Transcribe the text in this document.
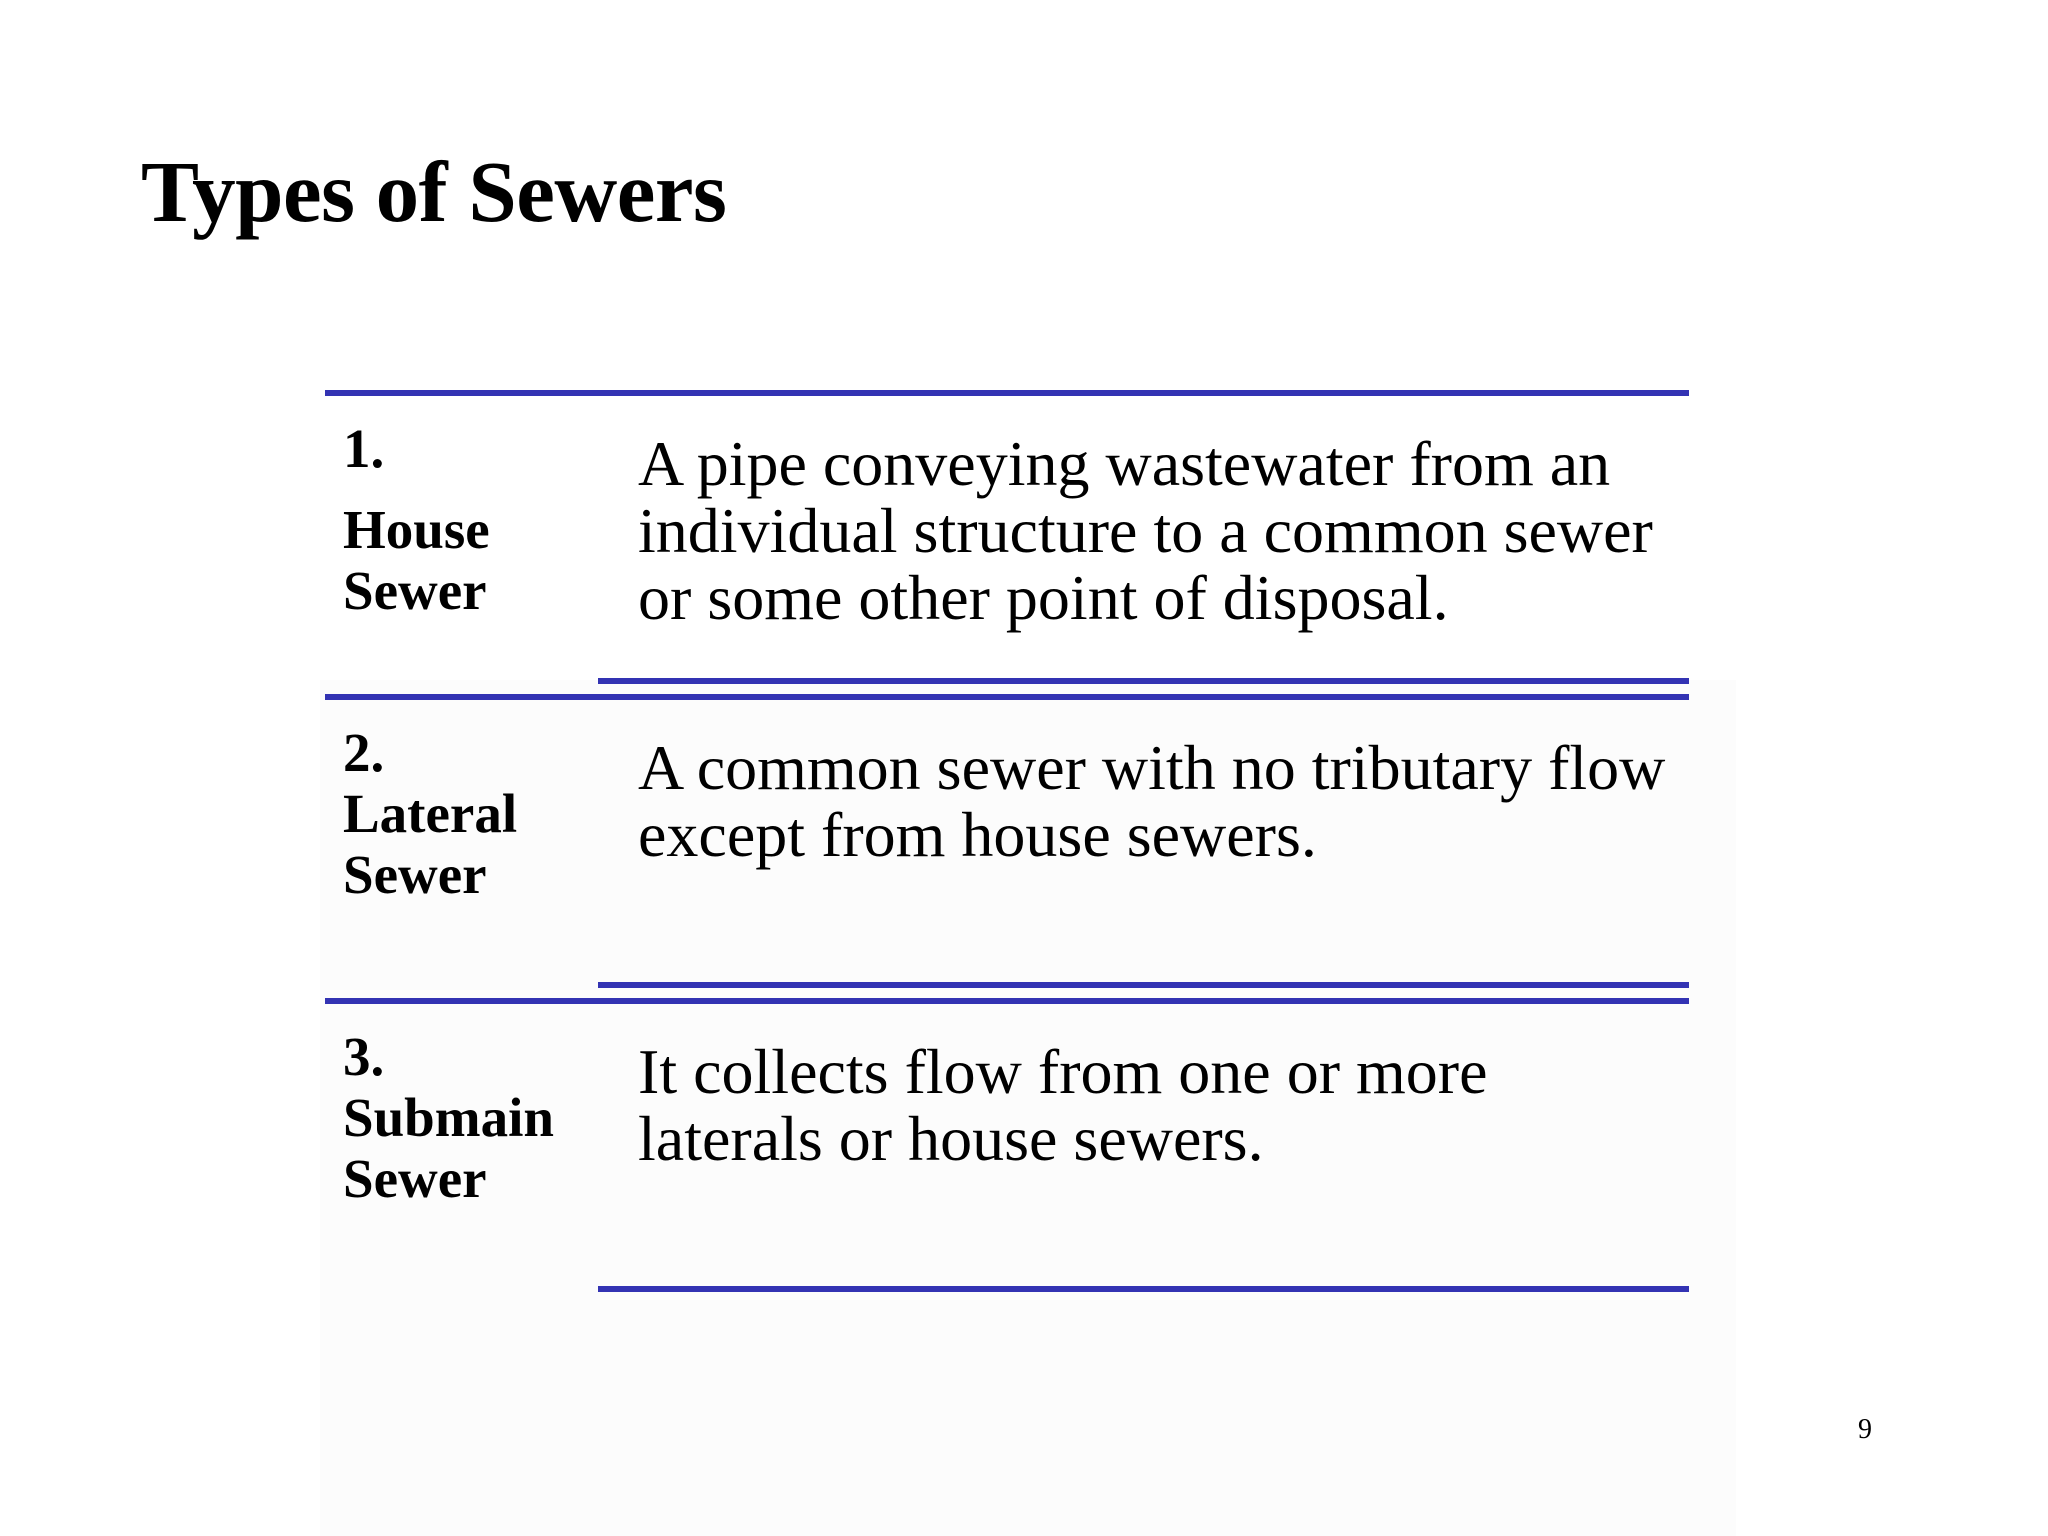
Types of Sewers
1.
House
Sewer
A pipe conveying wastewater from an individual structure to a common sewer or some other point of disposal.
2.
Lateral
Sewer
A common sewer with no tributary flow except from house sewers.
3.
Submain
Sewer
It collects flow from one or more laterals or house sewers.
9
